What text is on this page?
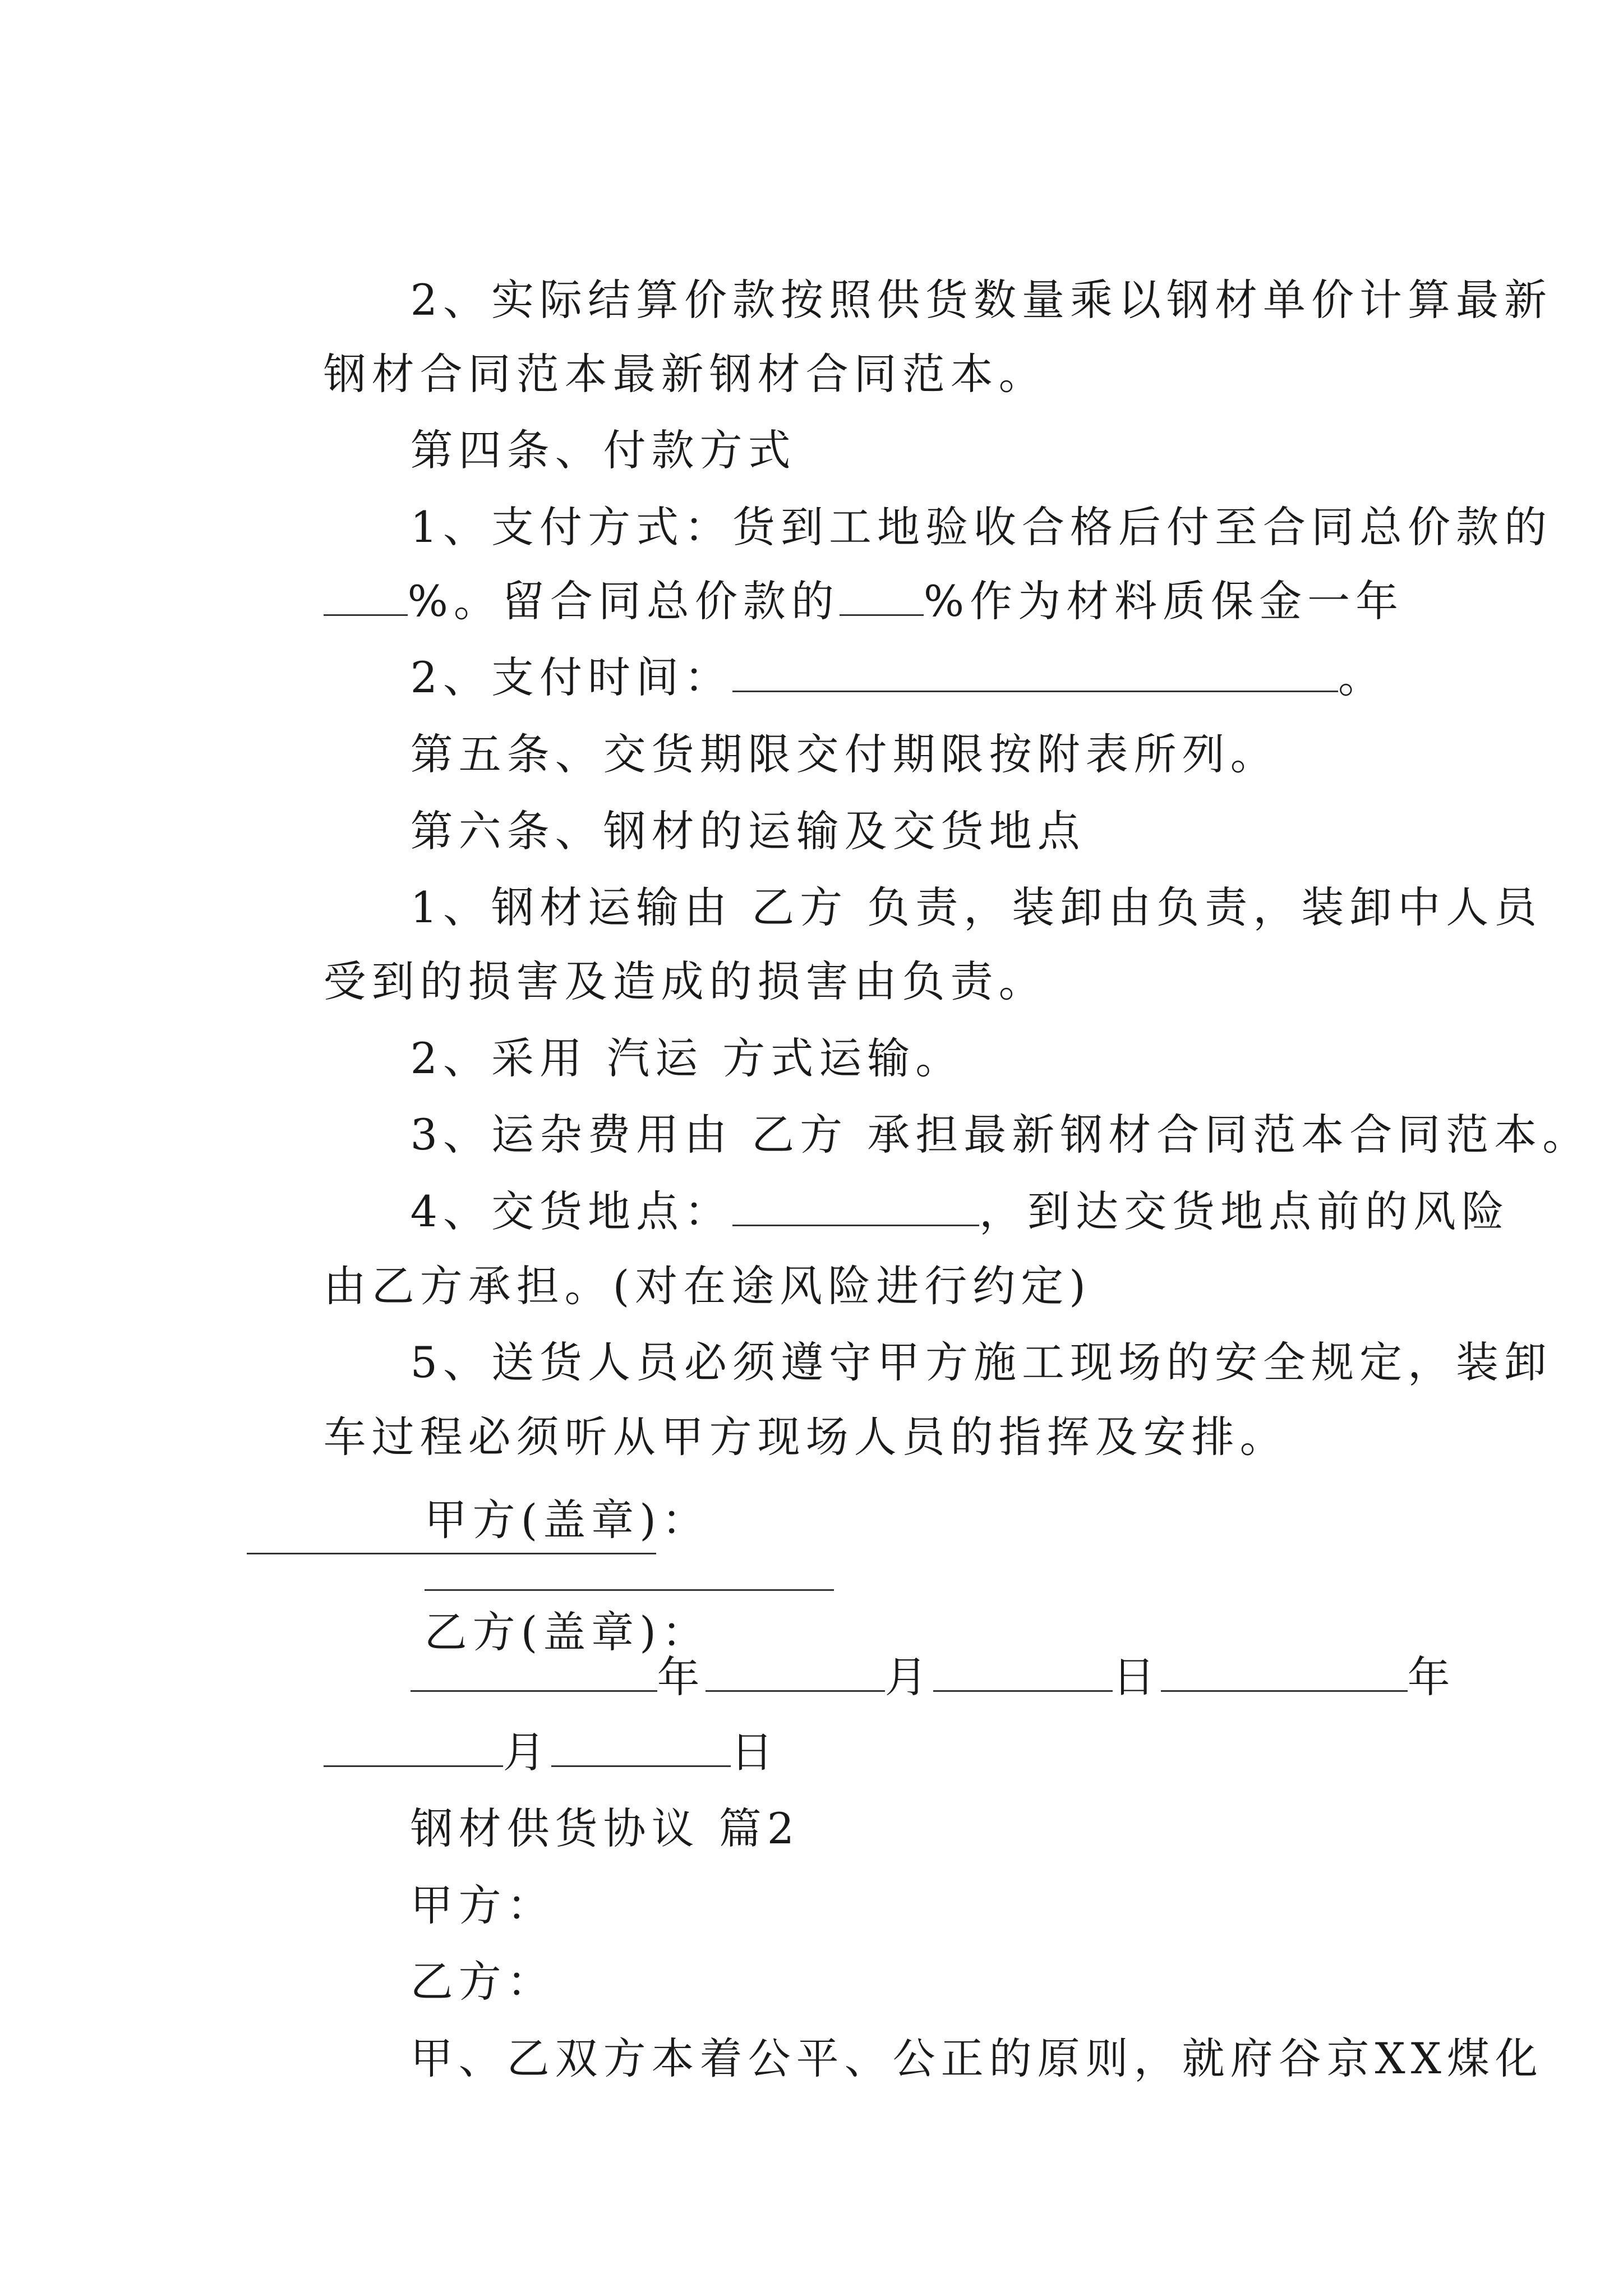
2、实际结算价款按照供货数量乘以钢材单价计算最新

钢材合同范本最新钢材合同范本。

第四条、付款方式

1、支付方式：货到工地验收合格后付至合同总价款的

%。留合同总价款的 %作为材料质保金一年

2、支付时间：	。

第五条、交货期限交付期限按附表所列。

第六条、钢材的运输及交货地点

1、钢材运输由 乙方 负责，装卸由负责，装卸中人员

受到的损害及造成的损害由负责。

2、采用 汽运 方式运输。

3、运杂费用由 乙方 承担最新钢材合同范本合同范本。

4、交货地点：	，到达交货地点前的风险

由乙方承担。(对在途风险进行约定)

5、送货人员必须遵守甲方施工现场的安全规定，装卸

车过程必须听从甲方现场人员的指挥及安排。

甲方(盖章)：

乙方(盖章)：

年	月	日	年

月	日

钢材供货协议 篇2

甲方：

乙方：

甲、乙双方本着公平、公正的原则，就府谷京XX煤化
